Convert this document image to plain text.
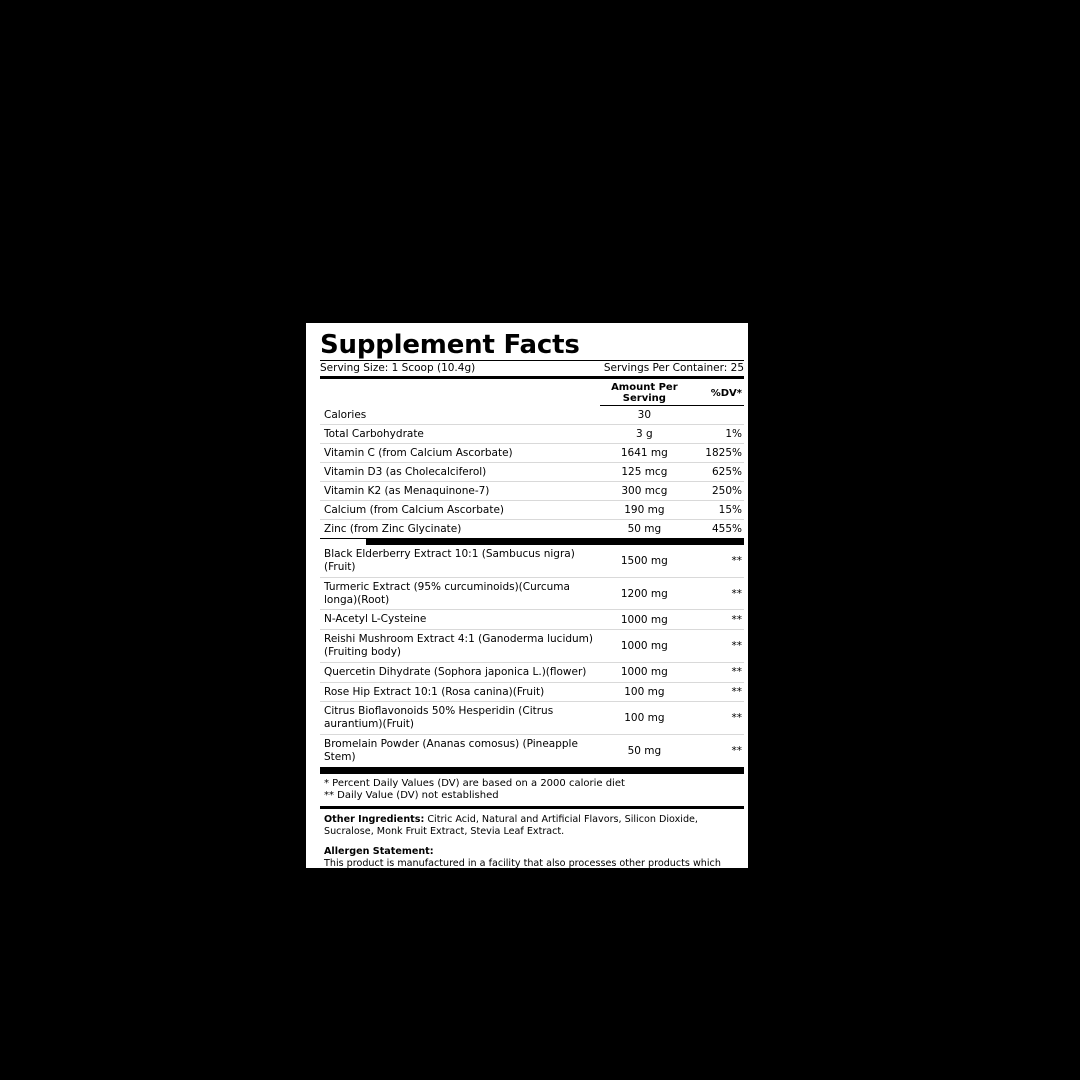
Supplement Facts
Serving Size: 1 Scoop (10.4g)	Servings Per Container: 25
	Amount Per Serving	%DV*
Calories	30	
Total Carbohydrate	3 g	1%
Vitamin C (from Calcium Ascorbate)	1641 mg	1825%
Vitamin D3 (as Cholecalciferol)	125 mcg	625%
Vitamin K2 (as Menaquinone-7)	300 mcg	250%
Calcium (from Calcium Ascorbate)	190 mg	15%
Zinc (from Zinc Glycinate)	50 mg	455%
Black Elderberry Extract 10:1 (Sambucus nigra)(Fruit)	1500 mg	**
Turmeric Extract (95% curcuminoids)(Curcuma longa)(Root)	1200 mg	**
N-Acetyl L-Cysteine	1000 mg	**
Reishi Mushroom Extract 4:1 (Ganoderma lucidum)(Fruiting body)	1000 mg	**
Quercetin Dihydrate (Sophora japonica L.)(flower)	1000 mg	**
Rose Hip Extract 10:1 (Rosa canina)(Fruit)	100 mg	**
Citrus Bioflavonoids 50% Hesperidin (Citrus aurantium)(Fruit)	100 mg	**
Bromelain Powder (Ananas comosus) (Pineapple Stem)	50 mg	**
* Percent Daily Values (DV) are based on a 2000 calorie diet
** Daily Value (DV) not established
Other Ingredients: Citric Acid, Natural and Artificial Flavors, Silicon Dioxide, Sucralose, Monk Fruit Extract, Stevia Leaf Extract.
Allergen Statement:
This product is manufactured in a facility that also processes other products which may contain milk, eggs, fish, shellfish, tree nuts, peanuts, soy, wheat, and sesame.
